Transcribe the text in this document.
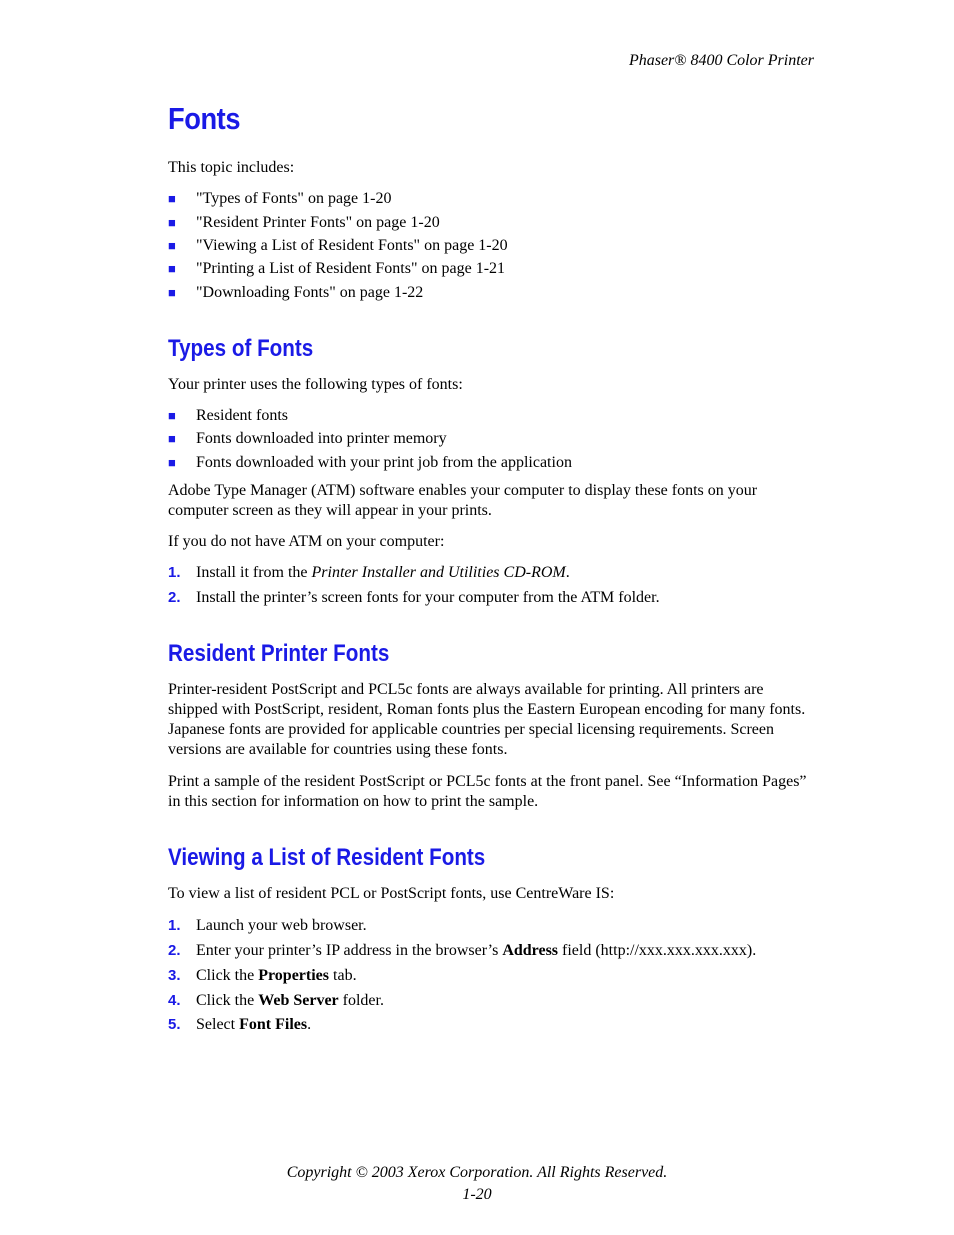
Phaser® 8400 Color Printer
Fonts
This topic includes:
■ "Types of Fonts" on page 1-20
■ "Resident Printer Fonts" on page 1-20
■ "Viewing a List of Resident Fonts" on page 1-20
■ "Printing a List of Resident Fonts" on page 1-21
■ "Downloading Fonts" on page 1-22
Types of Fonts
Your printer uses the following types of fonts:
■ Resident fonts
■ Fonts downloaded into printer memory
■ Fonts downloaded with your print job from the application
Adobe Type Manager (ATM) software enables your computer to display these fonts on your computer screen as they will appear in your prints.
If you do not have ATM on your computer:
1. Install it from the Printer Installer and Utilities CD-ROM.
2. Install the printer’s screen fonts for your computer from the ATM folder.
Resident Printer Fonts
Printer-resident PostScript and PCL5c fonts are always available for printing. All printers are shipped with PostScript, resident, Roman fonts plus the Eastern European encoding for many fonts. Japanese fonts are provided for applicable countries per special licensing requirements. Screen versions are available for countries using these fonts.
Print a sample of the resident PostScript or PCL5c fonts at the front panel. See “Information Pages” in this section for information on how to print the sample.
Viewing a List of Resident Fonts
To view a list of resident PCL or PostScript fonts, use CentreWare IS:
1. Launch your web browser.
2. Enter your printer’s IP address in the browser’s Address field (http://xxx.xxx.xxx.xxx).
3. Click the Properties tab.
4. Click the Web Server folder.
5. Select Font Files.
Copyright © 2003 Xerox Corporation. All Rights Reserved.
1-20
